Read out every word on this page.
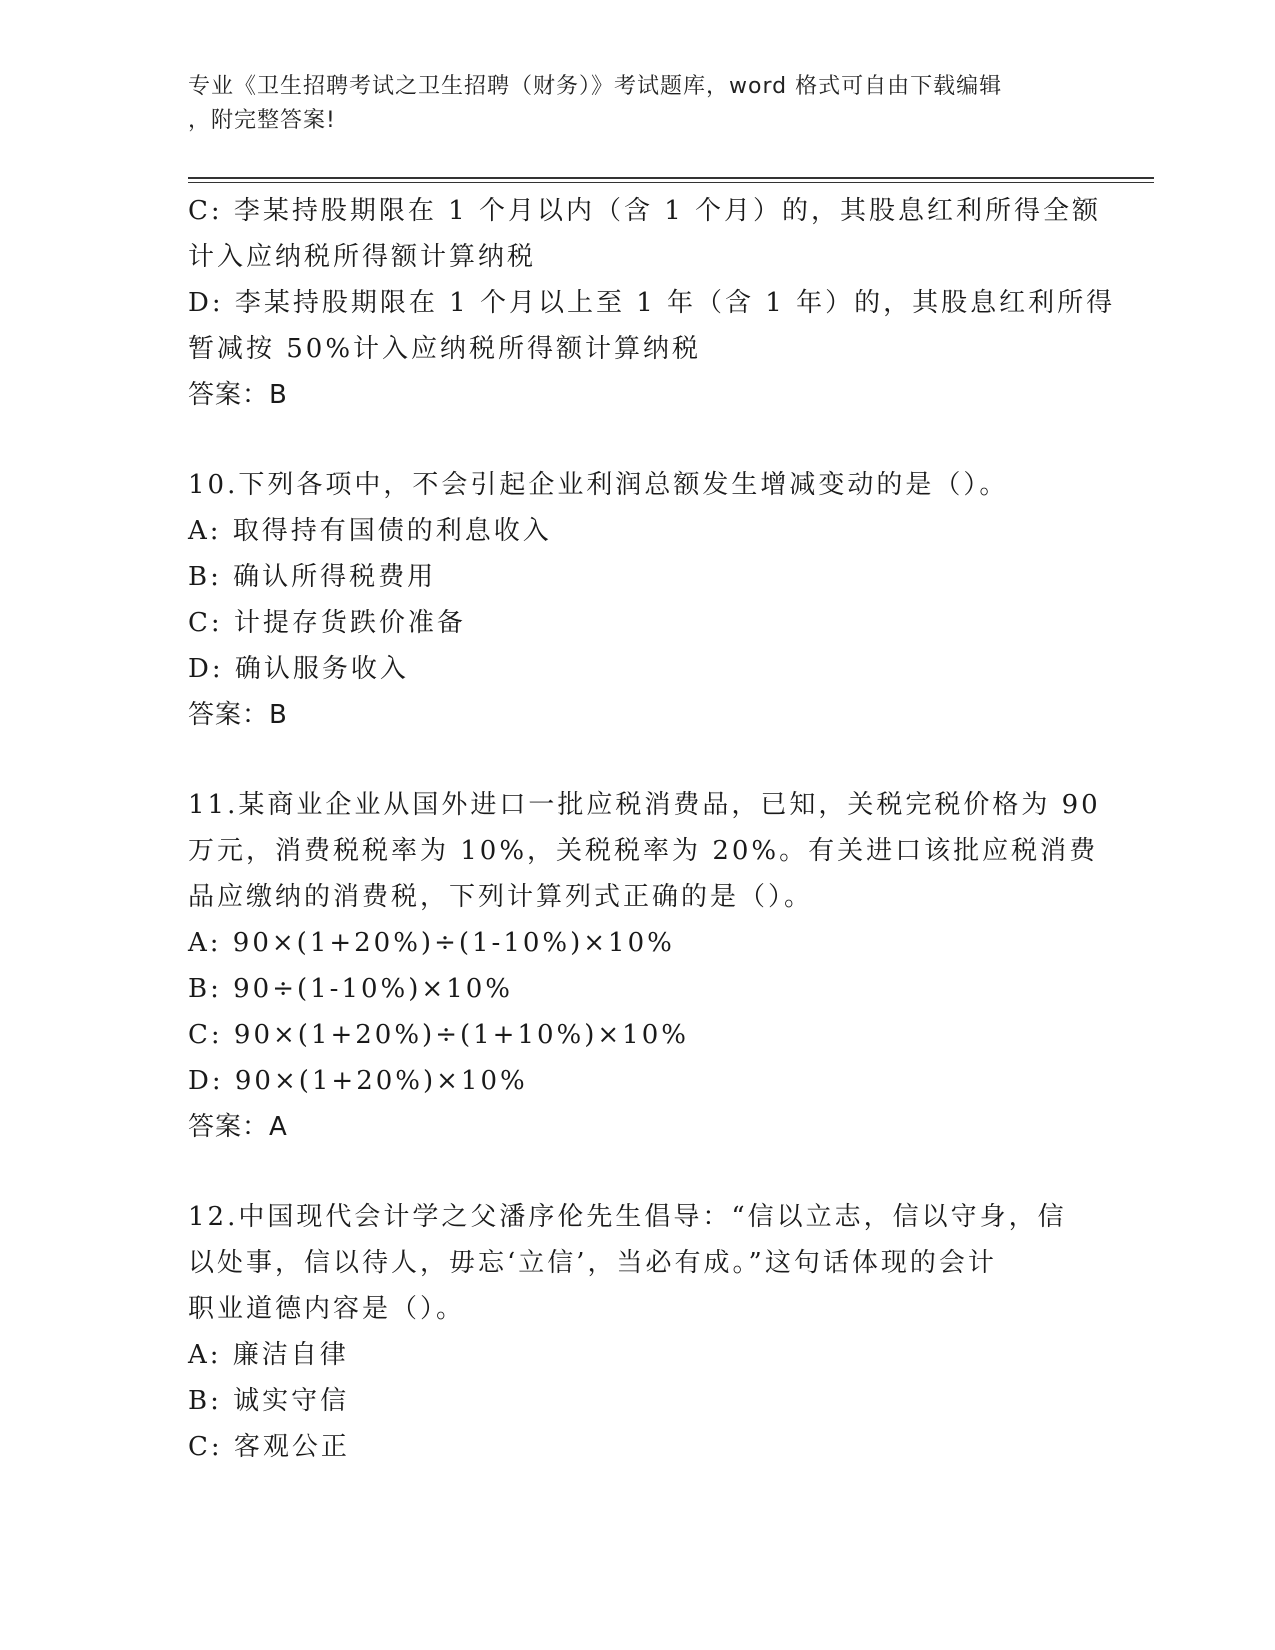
专业《卫生招聘考试之卫生招聘（财务）》考试题库，word 格式可自由下载编辑
，附完整答案!
C: 李某持股期限在 1 个月以内（含 1 个月）的，其股息红利所得全额
计入应纳税所得额计算纳税
D: 李某持股期限在 1 个月以上至 1 年（含 1 年）的，其股息红利所得
暂减按 50%计入应纳税所得额计算纳税
答案：B
10.下列各项中，不会引起企业利润总额发生增减变动的是（）。
A: 取得持有国债的利息收入
B: 确认所得税费用
C: 计提存货跌价准备
D: 确认服务收入
答案：B
11.某商业企业从国外进口一批应税消费品，已知，关税完税价格为 90
万元，消费税税率为 10%，关税税率为 20%。有关进口该批应税消费
品应缴纳的消费税，下列计算列式正确的是（）。
A: 90×(1+20%)÷(1-10%)×10%
B: 90÷(1-10%)×10%
C: 90×(1+20%)÷(1+10%)×10%
D: 90×(1+20%)×10%
答案：A
12.中国现代会计学之父潘序伦先生倡导：“信以立志，信以守身，信
以处事，信以待人，毋忘‘立信’，当必有成。”这句话体现的会计
职业道德内容是（）。
A: 廉洁自律
B: 诚实守信
C: 客观公正
